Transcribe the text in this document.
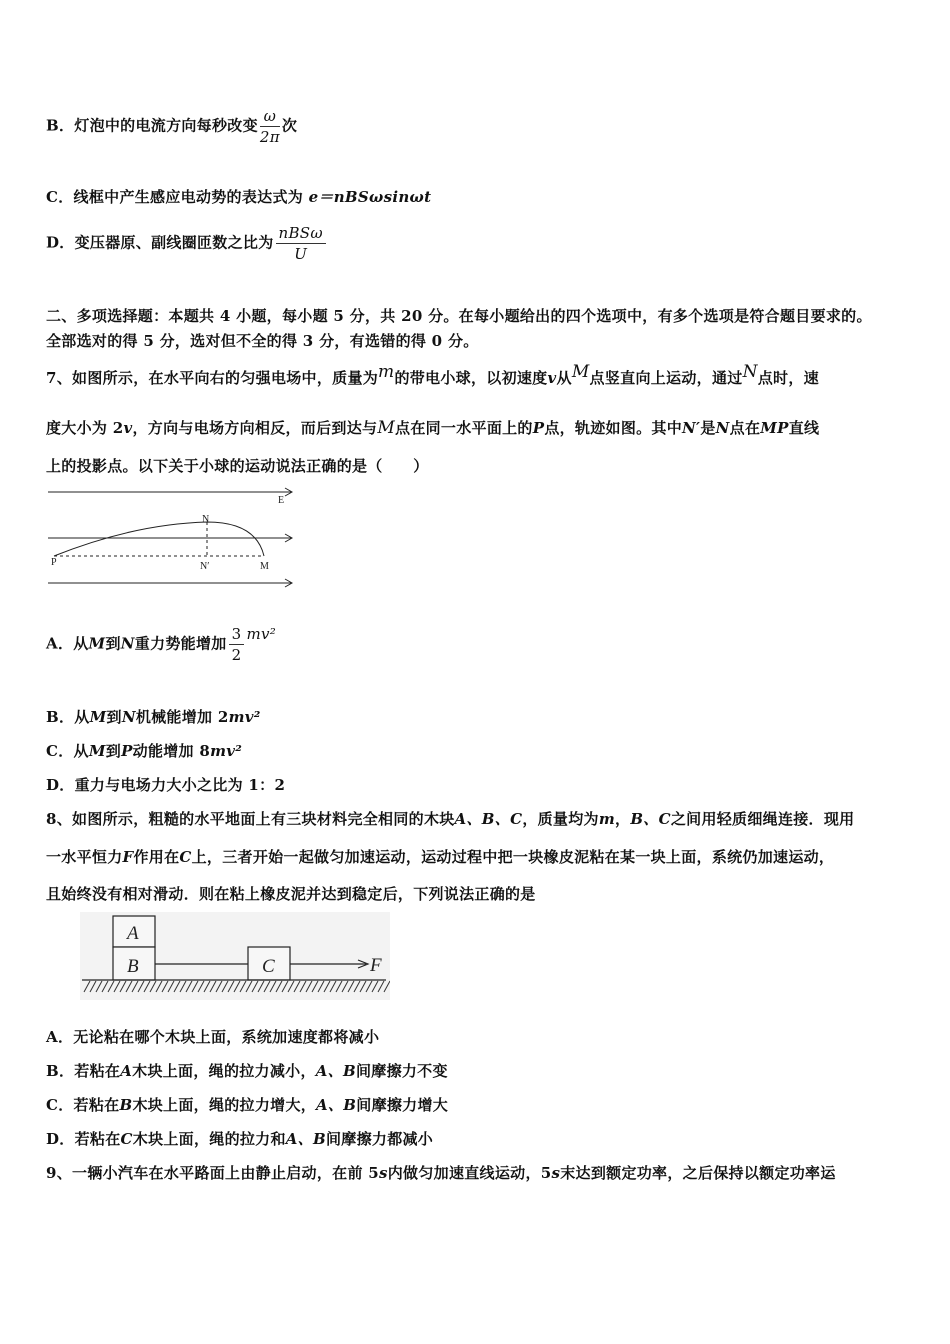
B．灯泡中的电流方向每秒改变 $\frac{\omega}{2\pi}$ 次
C．线框中产生感应电动势的表达式为 e＝nBSωsinωt
D．变压器原、副线圈匝数之比为 $\frac{\text{nBSω}}{U}$
二、多项选择题：本题共 4 小题，每小题 5 分，共 20 分。在每小题给出的四个选项中，有多个选项是符合题目要求的。
全部选对的得 5 分，选对但不全的得 3 分，有选错的得 0 分。
7、如图所示，在水平向右的匀强电场中，质量为m的带电小球，以初速度v从M点竖直向上运动，通过N点时，速
度大小为 2v，方向与电场方向相反，而后到达与M点在同一水平面上的P点，轨迹如图。其中N′是N点在MP直线
上的投影点。以下关于小球的运动说法正确的是（　　）
E
N
P	N′	M
A．从M到N重力势能增加 $\frac{3}{2} mv^2$
B．从M到N机械能增加 2mv²
C．从M到P动能增加 8mv²
D．重力与电场力大小之比为 1：2
8、如图所示，粗糙的水平地面上有三块材料完全相同的木块A、B、C，质量均为m，B、C之间用轻质细绳连接．现用
一水平恒力F作用在C上，三者开始一起做匀加速运动，运动过程中把一块橡皮泥粘在某一块上面，系统仍加速运动，
且始终没有相对滑动．则在粘上橡皮泥并达到稳定后，下列说法正确的是
A
B	C	F
A．无论粘在哪个木块上面，系统加速度都将减小
B．若粘在A木块上面，绳的拉力减小，A、B间摩擦力不变
C．若粘在B木块上面，绳的拉力增大，A、B间摩擦力增大
D．若粘在C木块上面，绳的拉力和A、B间摩擦力都减小
9、一辆小汽车在水平路面上由静止启动，在前 5s内做匀加速直线运动，5s末达到额定功率，之后保持以额定功率运
